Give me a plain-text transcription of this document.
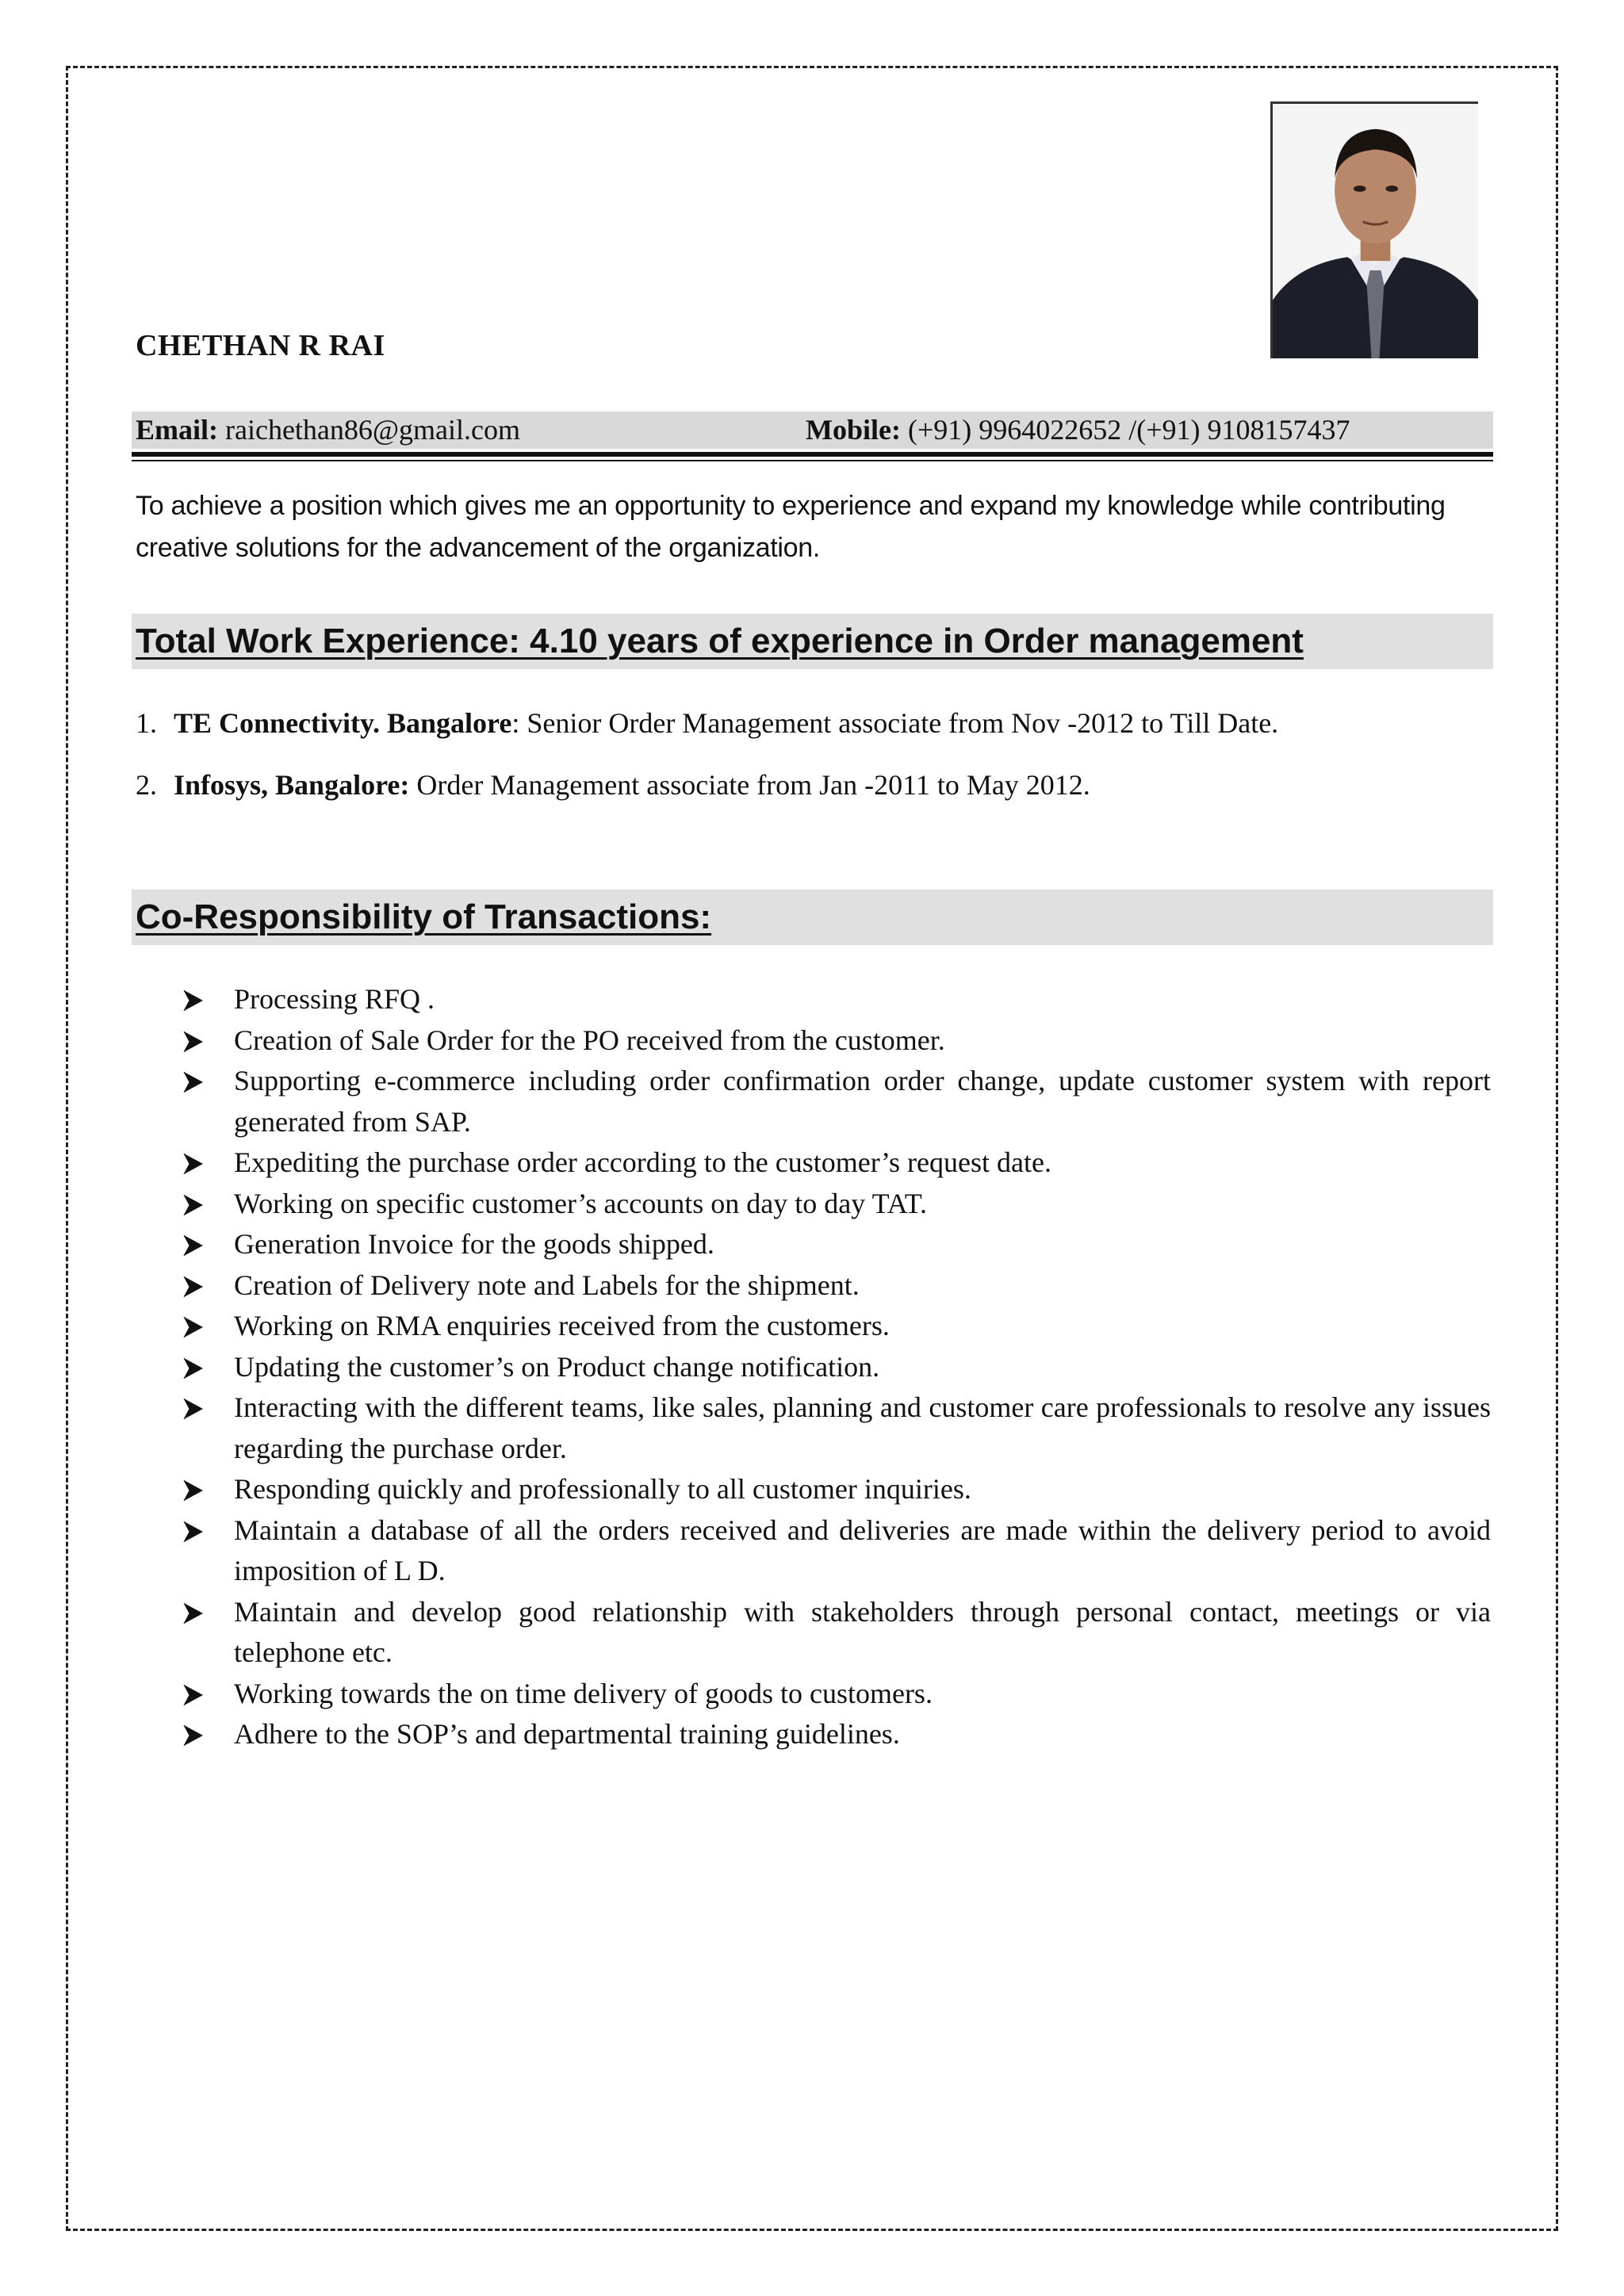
CHETHAN R RAI
Email: raichethan86@gmail.com	Mobile: (+91) 9964022652 /(+91) 9108157437
To achieve a position which gives me an opportunity to experience and expand my knowledge while contributing creative solutions for the advancement of the organization.
Total Work Experience: 4.10 years of experience in Order management
1. TE Connectivity. Bangalore: Senior Order Management associate from Nov -2012 to Till Date.
2. Infosys, Bangalore: Order Management associate from Jan -2011 to May 2012.
Co-Responsibility of Transactions:
Processing RFQ .
Creation of Sale Order for the PO received from the customer.
Supporting e-commerce including order confirmation order change, update customer system with report generated from SAP.
Expediting the purchase order according to the customer’s request date.
Working on specific customer’s accounts on day to day TAT.
Generation Invoice for the goods shipped.
Creation of Delivery note and Labels for the shipment.
Working on RMA enquiries received from the customers.
Updating the customer’s on Product change notification.
Interacting with the different teams, like sales, planning and customer care professionals to resolve any issues regarding the purchase order.
Responding quickly and professionally to all customer inquiries.
Maintain a database of all the orders received and deliveries are made within the delivery period to avoid imposition of L D.
Maintain and develop good relationship with stakeholders through personal contact, meetings or via telephone etc.
Working towards the on time delivery of goods to customers.
Adhere to the SOP’s and departmental training guidelines.
